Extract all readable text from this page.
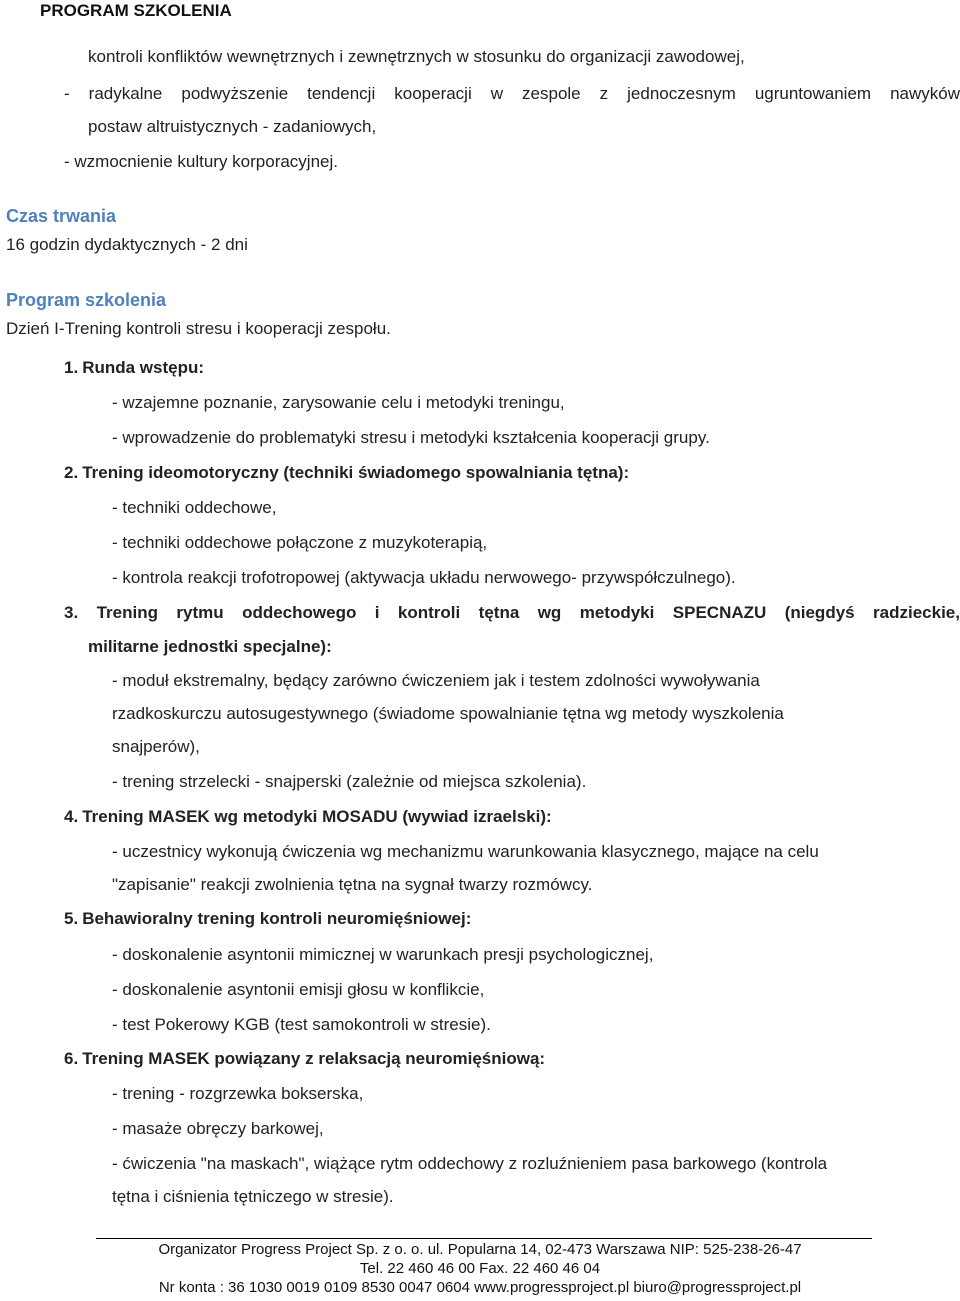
PROGRAM SZKOLENIA
kontroli konfliktów wewnętrznych i zewnętrznych w stosunku do organizacji zawodowej,
- radykalne podwyższenie tendencji kooperacji w zespole z jednoczesnym ugruntowaniem nawyków
postaw altruistycznych - zadaniowych,
- wzmocnienie kultury korporacyjnej.
Czas trwania
16 godzin dydaktycznych - 2 dni
Program szkolenia
Dzień I-Trening kontroli stresu i kooperacji zespołu.
1. Runda wstępu:
- wzajemne poznanie, zarysowanie celu i metodyki treningu,
- wprowadzenie do problematyki stresu i metodyki kształcenia kooperacji grupy.
2. Trening ideomotoryczny (techniki świadomego spowalniania tętna):
- techniki oddechowe,
- techniki oddechowe połączone z muzykoterapią,
- kontrola reakcji trofotropowej (aktywacja układu nerwowego- przywspółczulnego).
3. Trening rytmu oddechowego i kontroli tętna wg metodyki SPECNAZU (niegdyś radzieckie,
militarne jednostki specjalne):
- moduł ekstremalny, będący zarówno ćwiczeniem jak i testem zdolności wywoływania
rzadkoskurczu autosugestywnego (świadome spowalnianie tętna wg metody wyszkolenia
snajperów),
- trening strzelecki - snajperski (zależnie od miejsca szkolenia).
4. Trening MASEK wg metodyki MOSADU (wywiad izraelski):
- uczestnicy wykonują ćwiczenia wg mechanizmu warunkowania klasycznego, mające na celu
"zapisanie" reakcji zwolnienia tętna na sygnał twarzy rozmówcy.
5. Behawioralny trening kontroli neuromięśniowej:
- doskonalenie asyntonii mimicznej w warunkach presji psychologicznej,
- doskonalenie asyntonii emisji głosu w konflikcie,
- test Pokerowy KGB (test samokontroli w stresie).
6. Trening MASEK powiązany z relaksacją neuromięśniową:
- trening - rozgrzewka bokserska,
- masaże obręczy barkowej,
- ćwiczenia "na maskach", wiążące rytm oddechowy z rozluźnieniem pasa barkowego (kontrola
tętna i ciśnienia tętniczego w stresie).
Organizator Progress Project Sp. z o. o. ul. Popularna 14, 02-473 Warszawa NIP: 525-238-26-47
Tel. 22 460 46 00 Fax. 22 460 46 04
Nr konta : 36 1030 0019 0109 8530 0047 0604 www.progressproject.pl biuro@progressproject.pl
